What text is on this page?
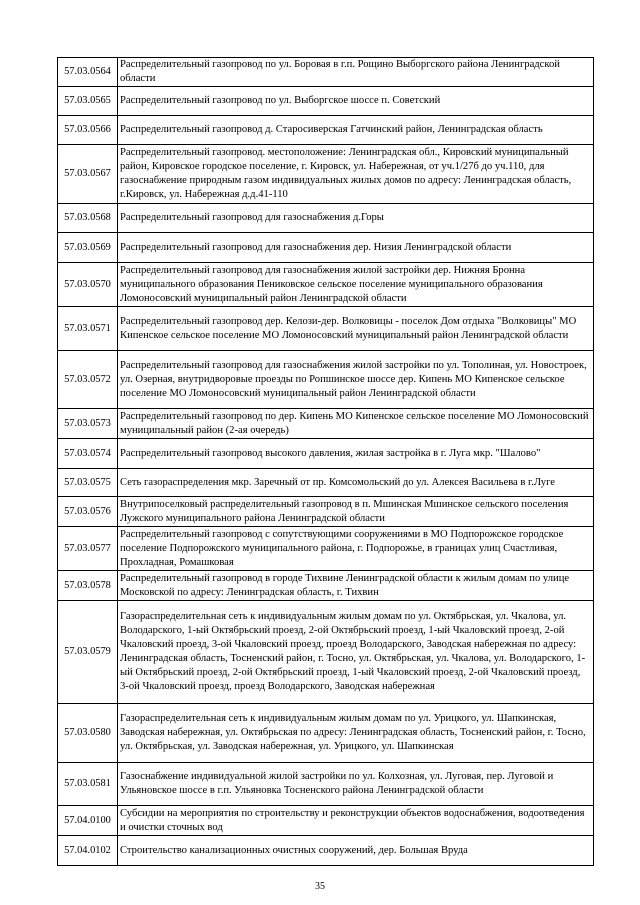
57.03.0564	Распределительный газопровод по ул. Боровая в г.п. Рощино Выборгского района Ленинградской области
57.03.0565	Распределительный газопровод по ул. Выборгское шоссе п. Советский
57.03.0566	Распределительный газопровод д. Старосиверская Гатчинский район, Ленинградская область
57.03.0567	Распределительный газопровод. местоположение: Ленинградская обл., Кировский муниципальный район, Кировское городское поселение, г. Кировск, ул. Набережная, от уч.1/27б до уч.110, для газоснабжение природным газом индивидуальных жилых домов по адресу: Ленинградская область, г.Кировск, ул. Набережная д.д.41-110
57.03.0568	Распределительный газопровод для газоснабжения д.Горы
57.03.0569	Распределительный газопровод для газоснабжения дер. Низия Ленинградской области
57.03.0570	Распределительный газопровод для газоснабжения жилой застройки дер. Нижняя Бронна муниципального образования Пениковское сельское поселение муниципального образования Ломоносовский муниципальный район Ленинградской области
57.03.0571	Распределительный газопровод дер. Келози-дер. Волковицы - поселок Дом отдыха "Волковицы" МО Кипенское сельское поселение МО Ломоносовский муниципальный район Ленинградской области
57.03.0572	Распределительный газопровод для газоснабжения жилой застройки по ул. Тополиная, ул. Новостроек, ул. Озерная, внутридворовые проезды по Ропшинское шоссе дер. Кипень МО Кипенское сельское поселение МО Ломоносовский муниципальный район Ленинградской области
57.03.0573	Распределительный газопровод по дер. Кипень МО Кипенское сельское поселение МО Ломоносовский муниципальный район (2-ая очередь)
57.03.0574	Распределительный газопровод высокого давления, жилая застройка в г. Луга мкр. "Шалово"
57.03.0575	Сеть газораспределения мкр. Заречный от пр. Комсомольский до ул. Алексея Васильева в г.Луге
57.03.0576	Внутрипоселковый распределительный газопровод в п. Мшинская Мшинское сельского поселения Лужского муниципального района Ленинградской области
57.03.0577	Распределительный газопровод с сопутствующими сооружениями в МО Подпорожское городское поселение Подпорожского муниципального района, г. Подпорожье, в границах улиц Счастливая, Прохладная, Ромашковая
57.03.0578	Распределительный газопровод в городе Тихвине Ленинградской области к жилым домам по улице Московской по адресу: Ленинградская область, г. Тихвин
57.03.0579	Газораспределительная сеть к индивидуальным жилым домам по ул. Октябрьская, ул. Чкалова, ул. Володарского, 1-ый Октябрьский проезд, 2-ой Октябрьский проезд, 1-ый Чкаловский проезд, 2-ой Чкаловский проезд, 3-ой Чкаловский проезд, проезд Володарского, Заводская набережная по адресу: Ленинградская область, Тосненский район, г. Тосно, ул. Октябрьская, ул. Чкалова, ул. Володарского, 1-ый Октябрьский проезд, 2-ой Октябрьский проезд, 1-ый Чкаловский проезд, 2-ой Чкаловский проезд, 3-ой Чкаловский проезд, проезд Володарского, Заводская набережная
57.03.0580	Газораспределительная сеть к индивидуальным жилым домам по ул. Урицкого, ул. Шапкинская, Заводская набережная, ул. Октябрьская по адресу: Ленинградская область, Тосненский район, г. Тосно, ул. Октябрьская, ул. Заводская набережная, ул. Урицкого, ул. Шапкинская
57.03.0581	Газоснабжение индивидуальной жилой застройки по ул. Колхозная, ул. Луговая, пер. Луговой и Ульяновское шоссе в г.п. Ульяновка Тосненского района Ленинградской области
57.04.0100	Субсидии на мероприятия по строительству и реконструкции объектов водоснабжения, водоотведения и очистки сточных вод
57.04.0102	Строительство канализационных очистных сооружений, дер. Большая Вруда
35
